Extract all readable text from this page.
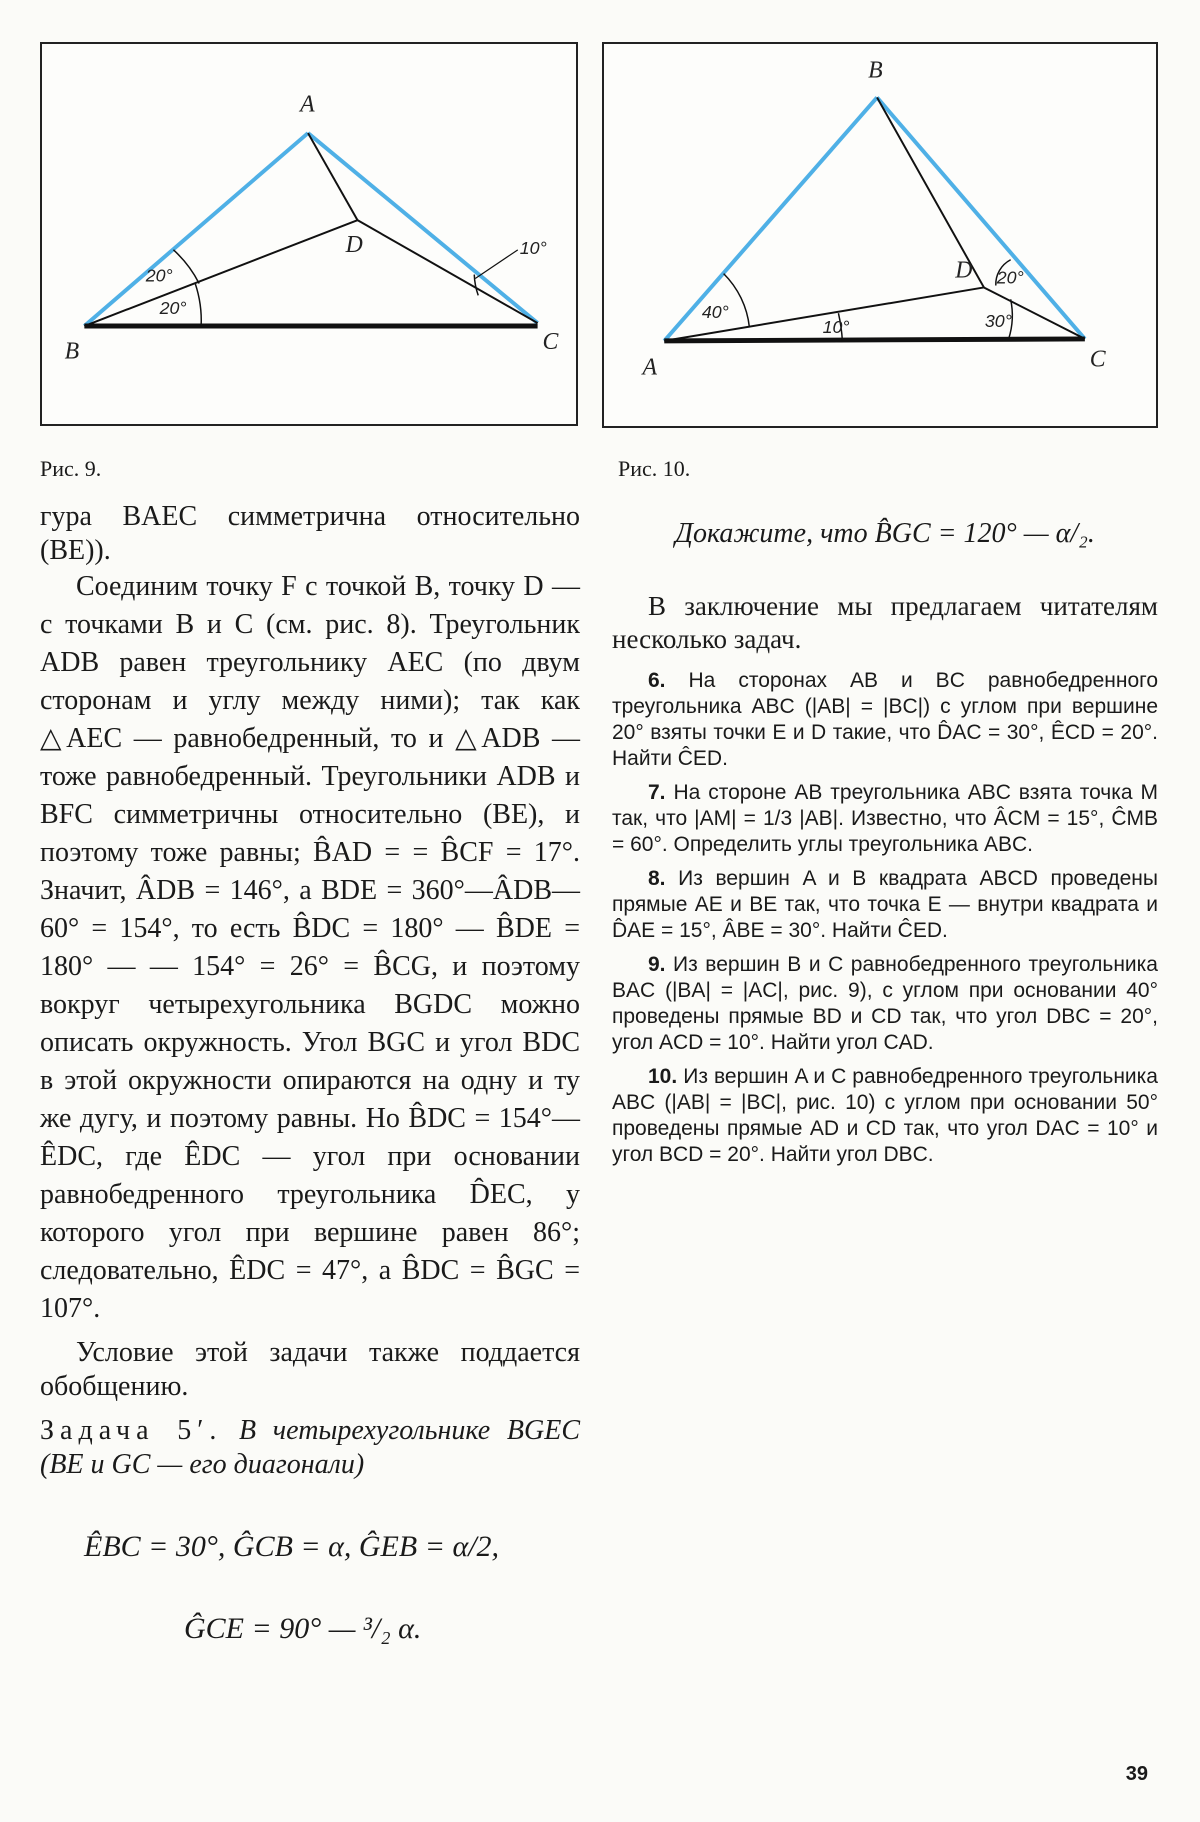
A
B	C
D
20°
20°
10°
Рис. 9.
B
A	C
D
40°
10°
20°
30°
Рис. 10.

гура BAEC симметрична относительно (BE)).

Соединим точку F с точкой B, точку D — с точками B и C (см. рис. 8). Треугольник ADB равен треугольнику AEC (по двум сторонам и углу между ними); так как △AEC — равнобедренный, то и △ADB — тоже равнобедренный. Треугольники ADB и BFC симметричны относительно (BE), и поэтому тоже равны; B̂AD = = B̂CF = 17°. Значит, ÂDB = 146°, а BDE = 360°—ÂDB—60° = 154°, то есть B̂DC = 180° — B̂DE = 180° — — 154° = 26° = B̂CG, и поэтому вокруг четырехугольника BGDC можно описать окружность. Угол BGC и угол BDC в этой окружности опираются на одну и ту же дугу, и поэтому равны. Но B̂DC = 154°—ÊDC, где ÊDC — угол при основании равнобедренного треугольника D̂EC, у которого угол при вершине равен 86°; следовательно, ÊDC = 47°, а B̂DC = B̂GC = 107°.

Условие этой задачи также поддается обобщению.

Задача 5′. В четырехугольнике BGEC (BE и GC — его диагонали)

ÊBC = 30°, ĜCB = α, ĜEB = α/2,
ĜCE = 90° — ³/₂ α.
Докажите, что B̂GC = 120° — α/₂.

В заключение мы предлагаем читателям несколько задач.

6. На сторонах AB и BC равнобедренного треугольника ABC (|AB| = |BC|) с углом при вершине 20° взяты точки E и D такие, что D̂AC = 30°, ÊCD = 20°. Найти ĈED.

7. На стороне AB треугольника ABC взята точка M так, что |AM| = 1/3 |AB|. Известно, что ÂCM = 15°, ĈMB = 60°. Определить углы треугольника ABC.

8. Из вершин A и B квадрата ABCD проведены прямые AE и BE так, что точка E — внутри квадрата и D̂AE = 15°, ÂBE = 30°. Найти ĈED.

9. Из вершин B и C равнобедренного треугольника BAC (|BA| = |AC|, рис. 9), с углом при основании 40° проведены прямые BD и CD так, что угол DBC = 20°, угол ACD = 10°. Найти угол CAD.

10. Из вершин A и C равнобедренного треугольника ABC (|AB| = |BC|, рис. 10) с углом при основании 50° проведены прямые AD и CD так, что угол DAC = 10° и угол BCD = 20°. Найти угол DBC.

39
